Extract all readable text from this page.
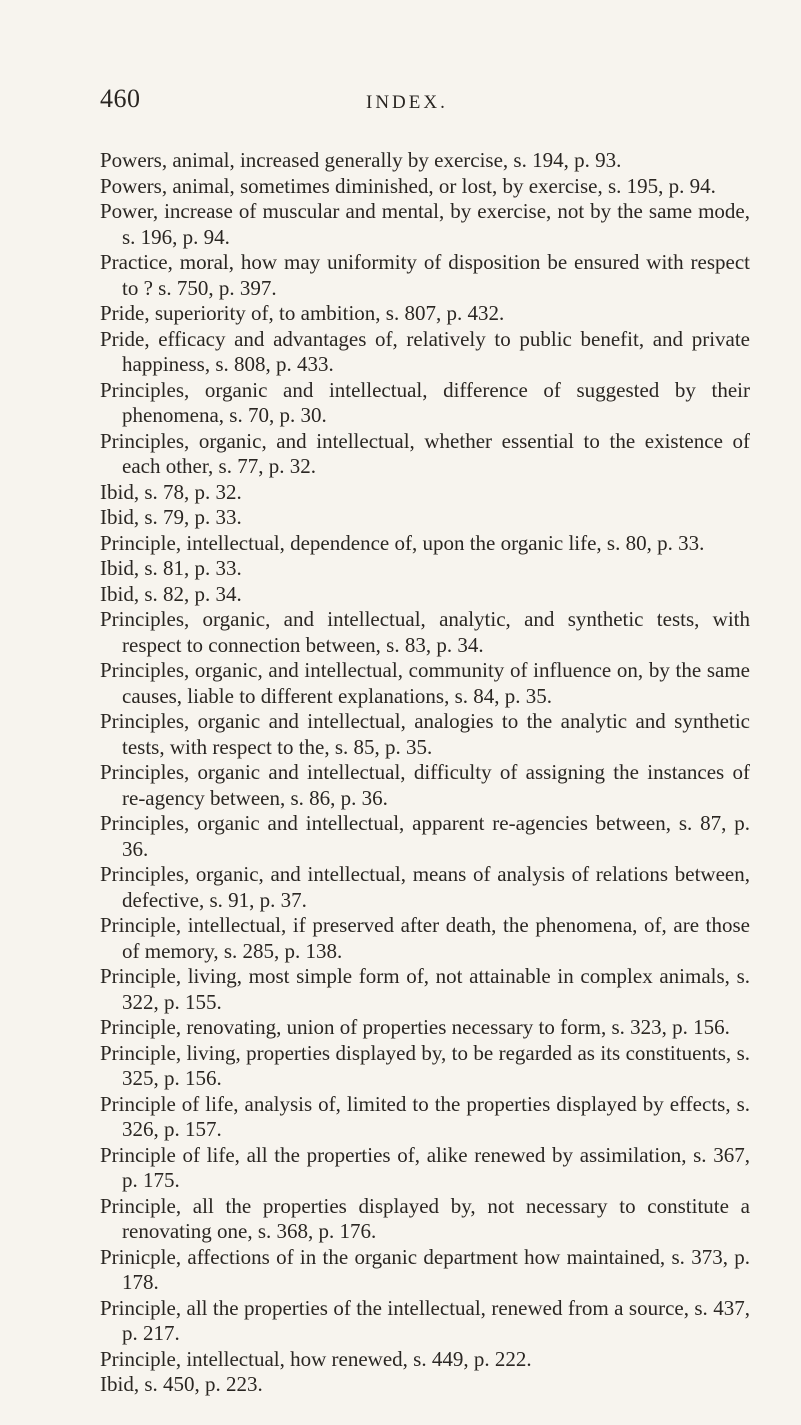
460	INDEX.
Powers, animal, increased generally by exercise, s. 194, p. 93.
Powers, animal, sometimes diminished, or lost, by exercise, s. 195, p. 94.
Power, increase of muscular and mental, by exercise, not by the same mode, s. 196, p. 94.
Practice, moral, how may uniformity of disposition be ensured with respect to ? s. 750, p. 397.
Pride, superiority of, to ambition, s. 807, p. 432.
Pride, efficacy and advantages of, relatively to public benefit, and private happiness, s. 808, p. 433.
Principles, organic and intellectual, difference of suggested by their phenomena, s. 70, p. 30.
Principles, organic, and intellectual, whether essential to the existence of each other, s. 77, p. 32.
Ibid, s. 78, p. 32.
Ibid, s. 79, p. 33.
Principle, intellectual, dependence of, upon the organic life, s. 80, p. 33.
Ibid, s. 81, p. 33.
Ibid, s. 82, p. 34.
Principles, organic, and intellectual, analytic, and synthetic tests, with respect to connection between, s. 83, p. 34.
Principles, organic, and intellectual, community of influence on, by the same causes, liable to different explanations, s. 84, p. 35.
Principles, organic and intellectual, analogies to the analytic and synthetic tests, with respect to the, s. 85, p. 35.
Principles, organic and intellectual, difficulty of assigning the instances of re-agency between, s. 86, p. 36.
Principles, organic and intellectual, apparent re-agencies between, s. 87, p. 36.
Principles, organic, and intellectual, means of analysis of relations between, defective, s. 91, p. 37.
Principle, intellectual, if preserved after death, the phenomena, of, are those of memory, s. 285, p. 138.
Principle, living, most simple form of, not attainable in complex animals, s. 322, p. 155.
Principle, renovating, union of properties necessary to form, s. 323, p. 156.
Principle, living, properties displayed by, to be regarded as its constituents, s. 325, p. 156.
Principle of life, analysis of, limited to the properties displayed by effects, s. 326, p. 157.
Principle of life, all the properties of, alike renewed by assimilation, s. 367, p. 175.
Principle, all the properties displayed by, not necessary to constitute a renovating one, s. 368, p. 176.
Prinicple, affections of in the organic department how maintained, s. 373, p. 178.
Principle, all the properties of the intellectual, renewed from a source, s. 437, p. 217.
Principle, intellectual, how renewed, s. 449, p. 222.
Ibid, s. 450, p. 223.
